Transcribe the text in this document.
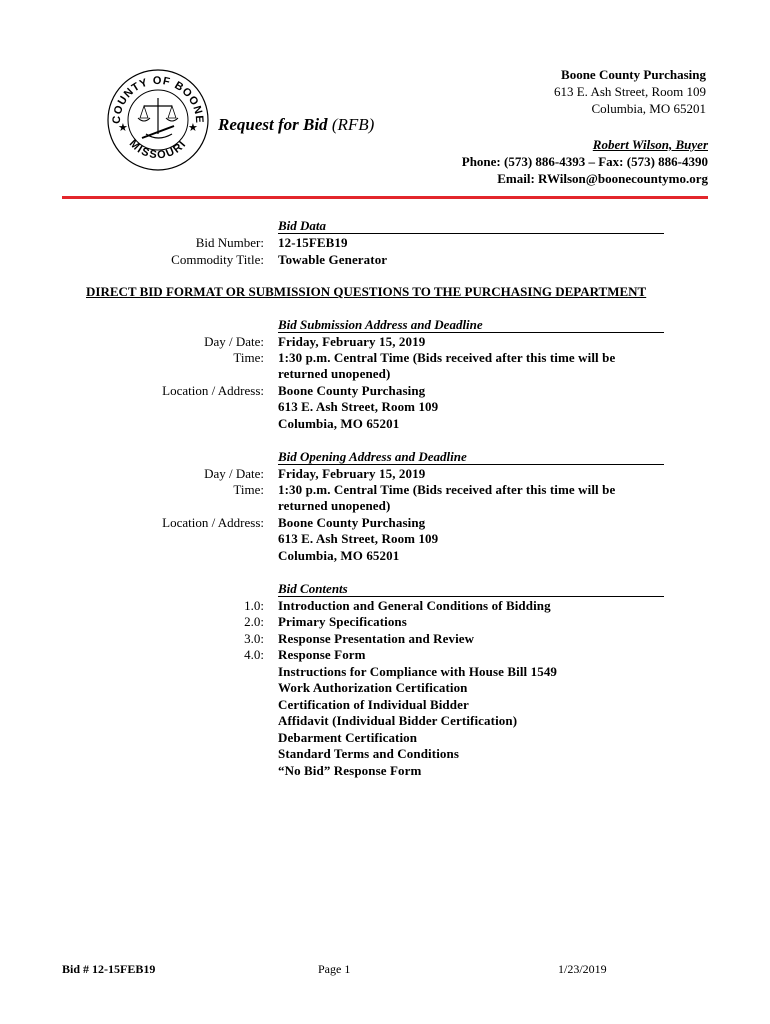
COUNTY OF BOONE
MISSOURI
★	★ Request for Bid (RFB)
Boone County Purchasing
613 E. Ash Street, Room 109
Columbia, MO 65201
Robert Wilson, Buyer
Phone: (573) 886-4393 – Fax: (573) 886-4390
Email: RWilson@boonecountymo.org
Bid Data
Bid Number: 12-15FEB19
Commodity Title: Towable Generator
DIRECT BID FORMAT OR SUBMISSION QUESTIONS TO THE PURCHASING DEPARTMENT
Bid Submission Address and Deadline
Day / Date: Friday, February 15, 2019
Time: 1:30 p.m. Central Time (Bids received after this time will be
returned unopened)
Location / Address: Boone County Purchasing
613 E. Ash Street, Room 109
Columbia, MO 65201
Bid Opening Address and Deadline
Day / Date: Friday, February 15, 2019
Time: 1:30 p.m. Central Time (Bids received after this time will be
returned unopened)
Location / Address: Boone County Purchasing
613 E. Ash Street, Room 109
Columbia, MO 65201
Bid Contents
1.0: Introduction and General Conditions of Bidding
2.0: Primary Specifications
3.0: Response Presentation and Review
4.0: Response Form
Instructions for Compliance with House Bill 1549
Work Authorization Certification
Certification of Individual Bidder
Affidavit (Individual Bidder Certification)
Debarment Certification
Standard Terms and Conditions
“No Bid” Response Form
Bid # 12-15FEB19	Page 1	1/23/2019
